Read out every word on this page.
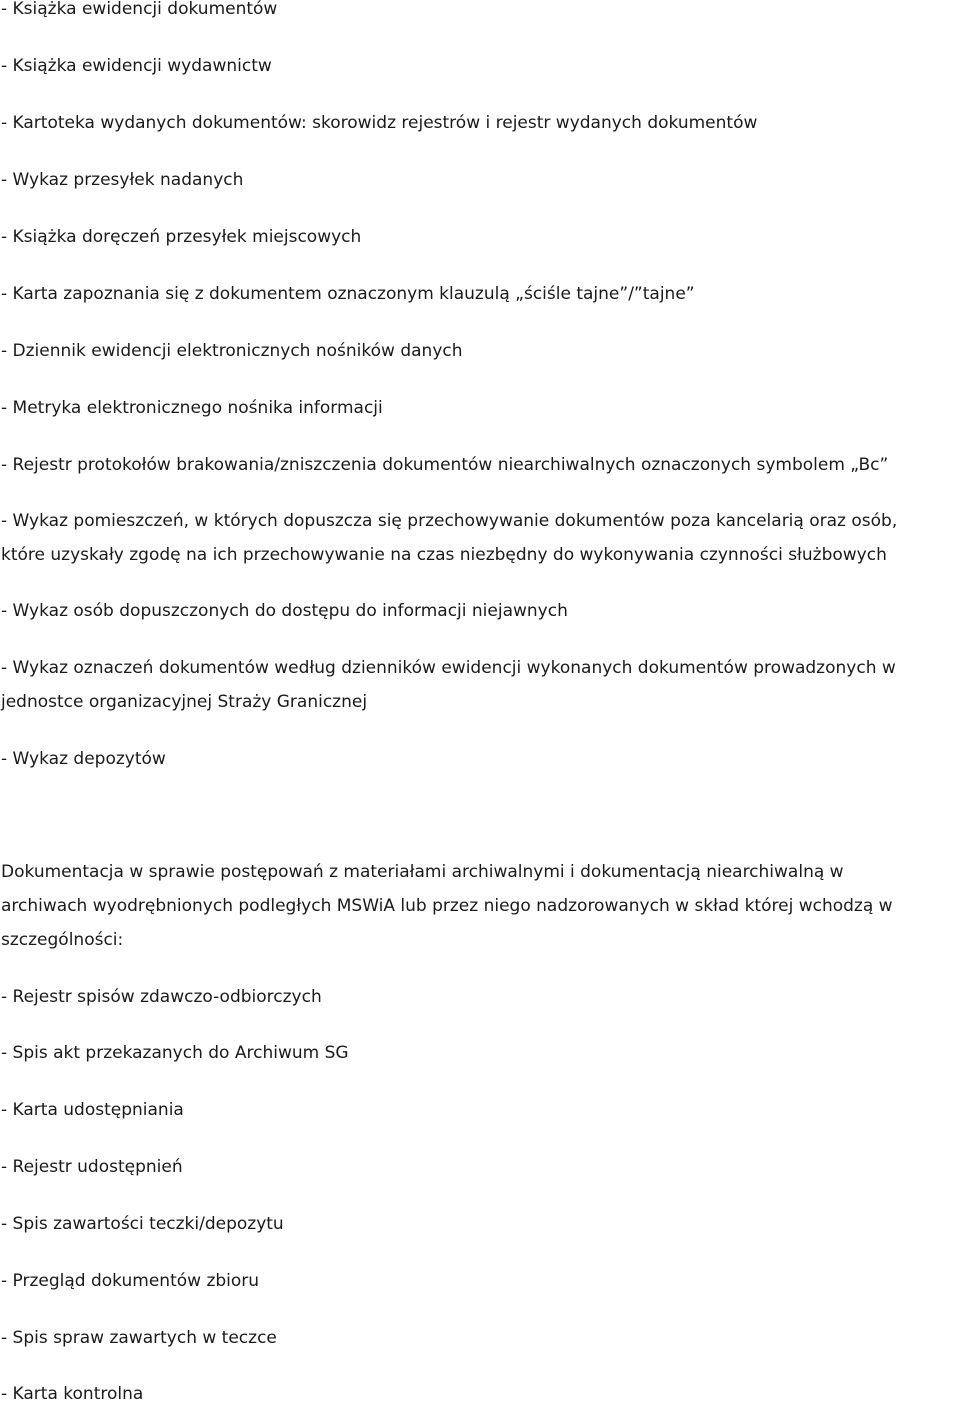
- Książka ewidencji dokumentów
- Książka ewidencji wydawnictw
- Kartoteka wydanych dokumentów: skorowidz rejestrów i rejestr wydanych dokumentów
- Wykaz przesyłek nadanych
- Książka doręczeń przesyłek miejscowych
- Karta zapoznania się z dokumentem oznaczonym klauzulą „ściśle tajne”/”tajne”
- Dziennik ewidencji elektronicznych nośników danych
- Metryka elektronicznego nośnika informacji
- Rejestr protokołów brakowania/zniszczenia dokumentów niearchiwalnych oznaczonych symbolem „Bc”
- Wykaz pomieszczeń, w których dopuszcza się przechowywanie dokumentów poza kancelarią oraz osób,
które uzyskały zgodę na ich przechowywanie na czas niezbędny do wykonywania czynności służbowych
- Wykaz osób dopuszczonych do dostępu do informacji niejawnych
- Wykaz oznaczeń dokumentów według dzienników ewidencji wykonanych dokumentów prowadzonych w
jednostce organizacyjnej Straży Granicznej
- Wykaz depozytów
Dokumentacja w sprawie postępowań z materiałami archiwalnymi i dokumentacją niearchiwalną w
archiwach wyodrębnionych podległych MSWiA lub przez niego nadzorowanych w skład której wchodzą w
szczególności:
- Rejestr spisów zdawczo-odbiorczych
- Spis akt przekazanych do Archiwum SG
- Karta udostępniania
- Rejestr udostępnień
- Spis zawartości teczki/depozytu
- Przegląd dokumentów zbioru
- Spis spraw zawartych w teczce
- Karta kontrolna
